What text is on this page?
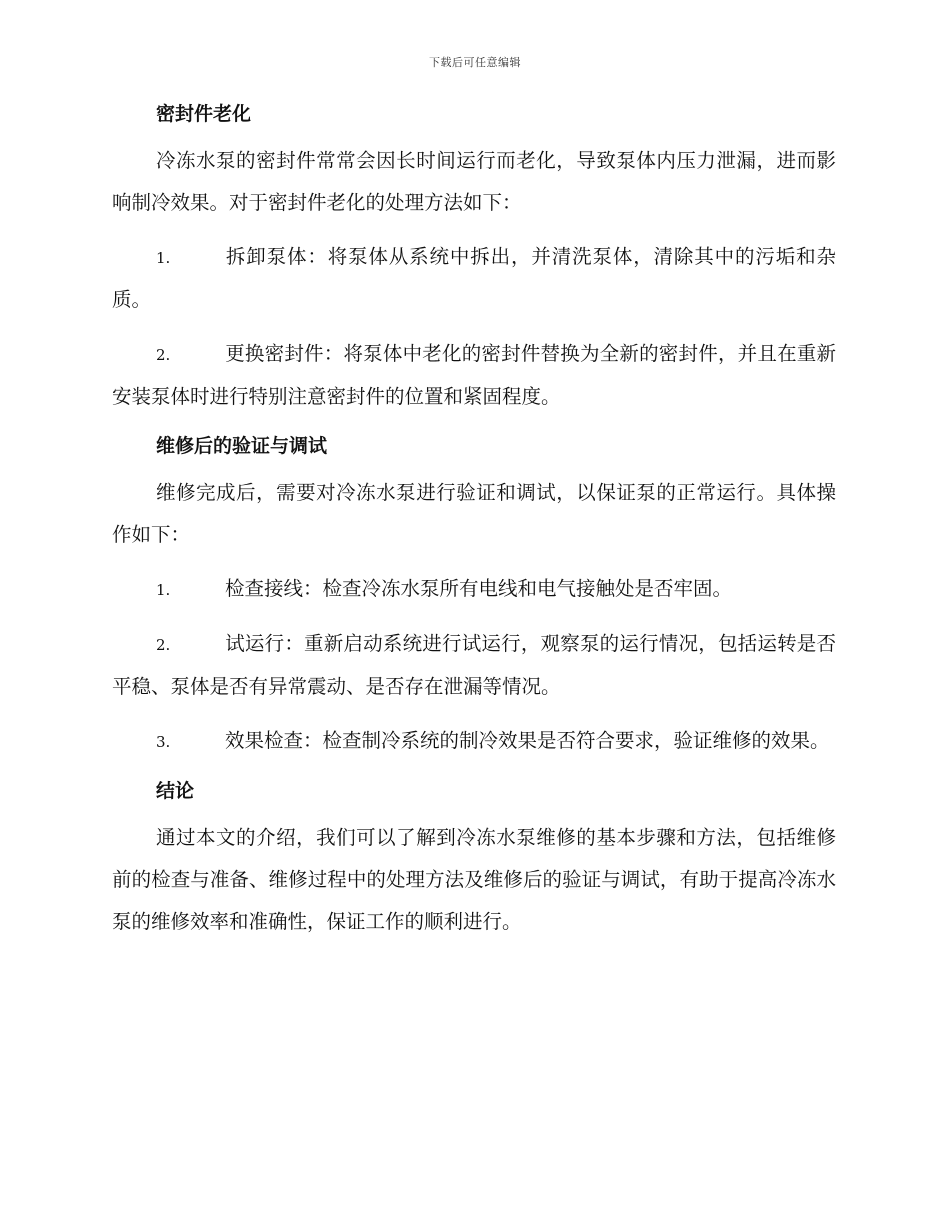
下载后可任意编辑
密封件老化

冷冻水泵的密封件常常会因长时间运行而老化，导致泵体内压力泄漏，进而影响制冷效果。对于密封件老化的处理方法如下：

1.	拆卸泵体：将泵体从系统中拆出，并清洗泵体，清除其中的污垢和杂质。

2.	更换密封件：将泵体中老化的密封件替换为全新的密封件，并且在重新安装泵体时进行特别注意密封件的位置和紧固程度。

维修后的验证与调试

维修完成后，需要对冷冻水泵进行验证和调试，以保证泵的正常运行。具体操作如下：

1.	检查接线：检查冷冻水泵所有电线和电气接触处是否牢固。

2.	试运行：重新启动系统进行试运行，观察泵的运行情况，包括运转是否平稳、泵体是否有异常震动、是否存在泄漏等情况。

3.	效果检查：检查制冷系统的制冷效果是否符合要求，验证维修的效果。

结论

通过本文的介绍，我们可以了解到冷冻水泵维修的基本步骤和方法，包括维修前的检查与准备、维修过程中的处理方法及维修后的验证与调试，有助于提高冷冻水泵的维修效率和准确性，保证工作的顺利进行。
